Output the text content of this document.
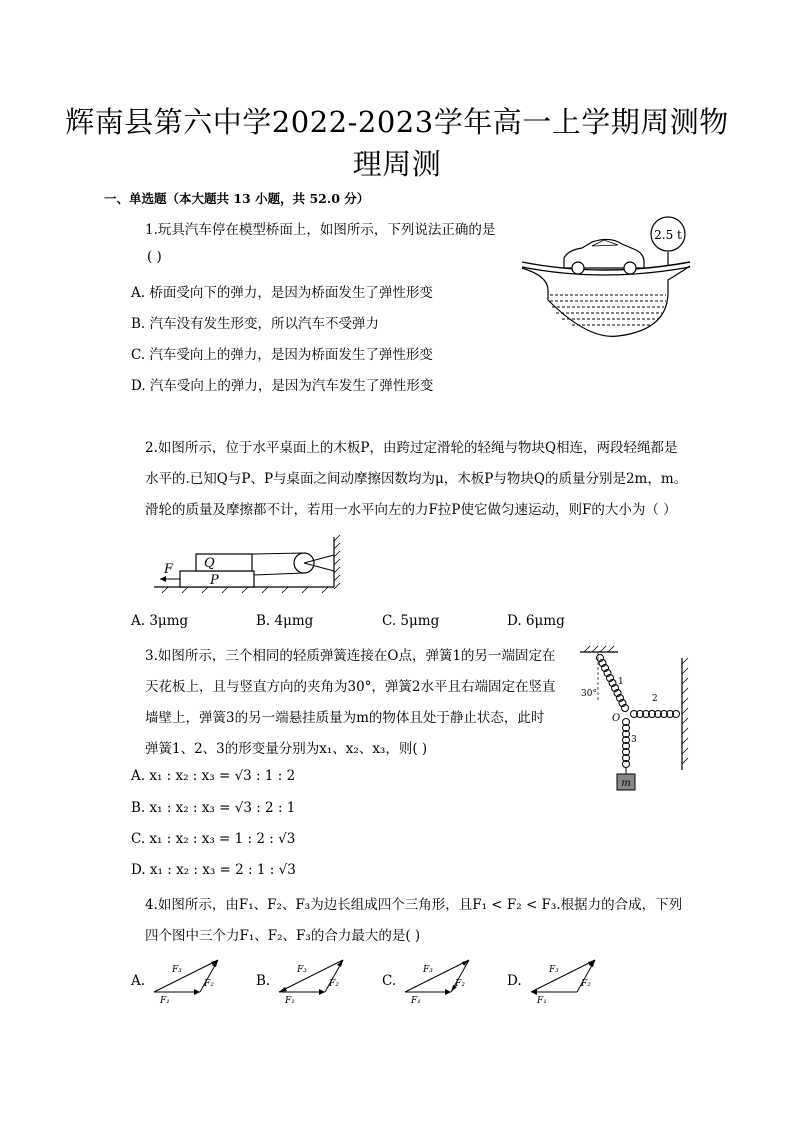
辉南县第六中学2022-2023学年高一上学期周测物
理周测
一、单选题（本大题共 13 小题，共 52.0 分）
1.玩具汽车停在模型桥面上，如图所示，下列说法正确的是
( )
A. 桥面受向下的弹力，是因为桥面发生了弹性形变
B. 汽车没有发生形变，所以汽车不受弹力
C. 汽车受向上的弹力，是因为桥面发生了弹性形变
D. 汽车受向上的弹力，是因为汽车发生了弹性形变
2.5 t
2.如图所示，位于水平桌面上的木板P，由跨过定滑轮的轻绳与物块Q相连，两段轻绳都是
水平的.已知Q与P、P与桌面之间动摩擦因数均为μ，木板P与物块Q的质量分别是2m，m。
滑轮的质量及摩擦都不计，若用一水平向左的力F拉P使它做匀速运动，则F的大小为（ ）
F Q
P
A. 3μmg	B. 4μmg	C. 5μmg	D. 6μmg
3.如图所示，三个相同的轻质弹簧连接在O点，弹簧1的另一端固定在
天花板上，且与竖直方向的夹角为30°，弹簧2水平且右端固定在竖直
墙壁上，弹簧3的另一端悬挂质量为m的物体且处于静止状态，此时
弹簧1、2、3的形变量分别为x₁、x₂、x₃，则( )
A. x₁ : x₂ : x₃ = √3 : 1 : 2
B. x₁ : x₂ : x₃ = √3 : 2 : 1
C. x₁ : x₂ : x₃ = 1 : 2 : √3
D. x₁ : x₂ : x₃ = 2 : 1 : √3
m
30°
1
2
3
O
4.如图所示，由F₁、F₂、F₃为边长组成四个三角形，且F₁ < F₂ < F₃.根据力的合成，下列
四个图中三个力F₁、F₂、F₃的合力最大的是( )
A.	B.	C.	D.
F₃
F₂
F₁
F₃
F₂
F₁
F₃
F₂
F₁
F₃
F₂
F₁
